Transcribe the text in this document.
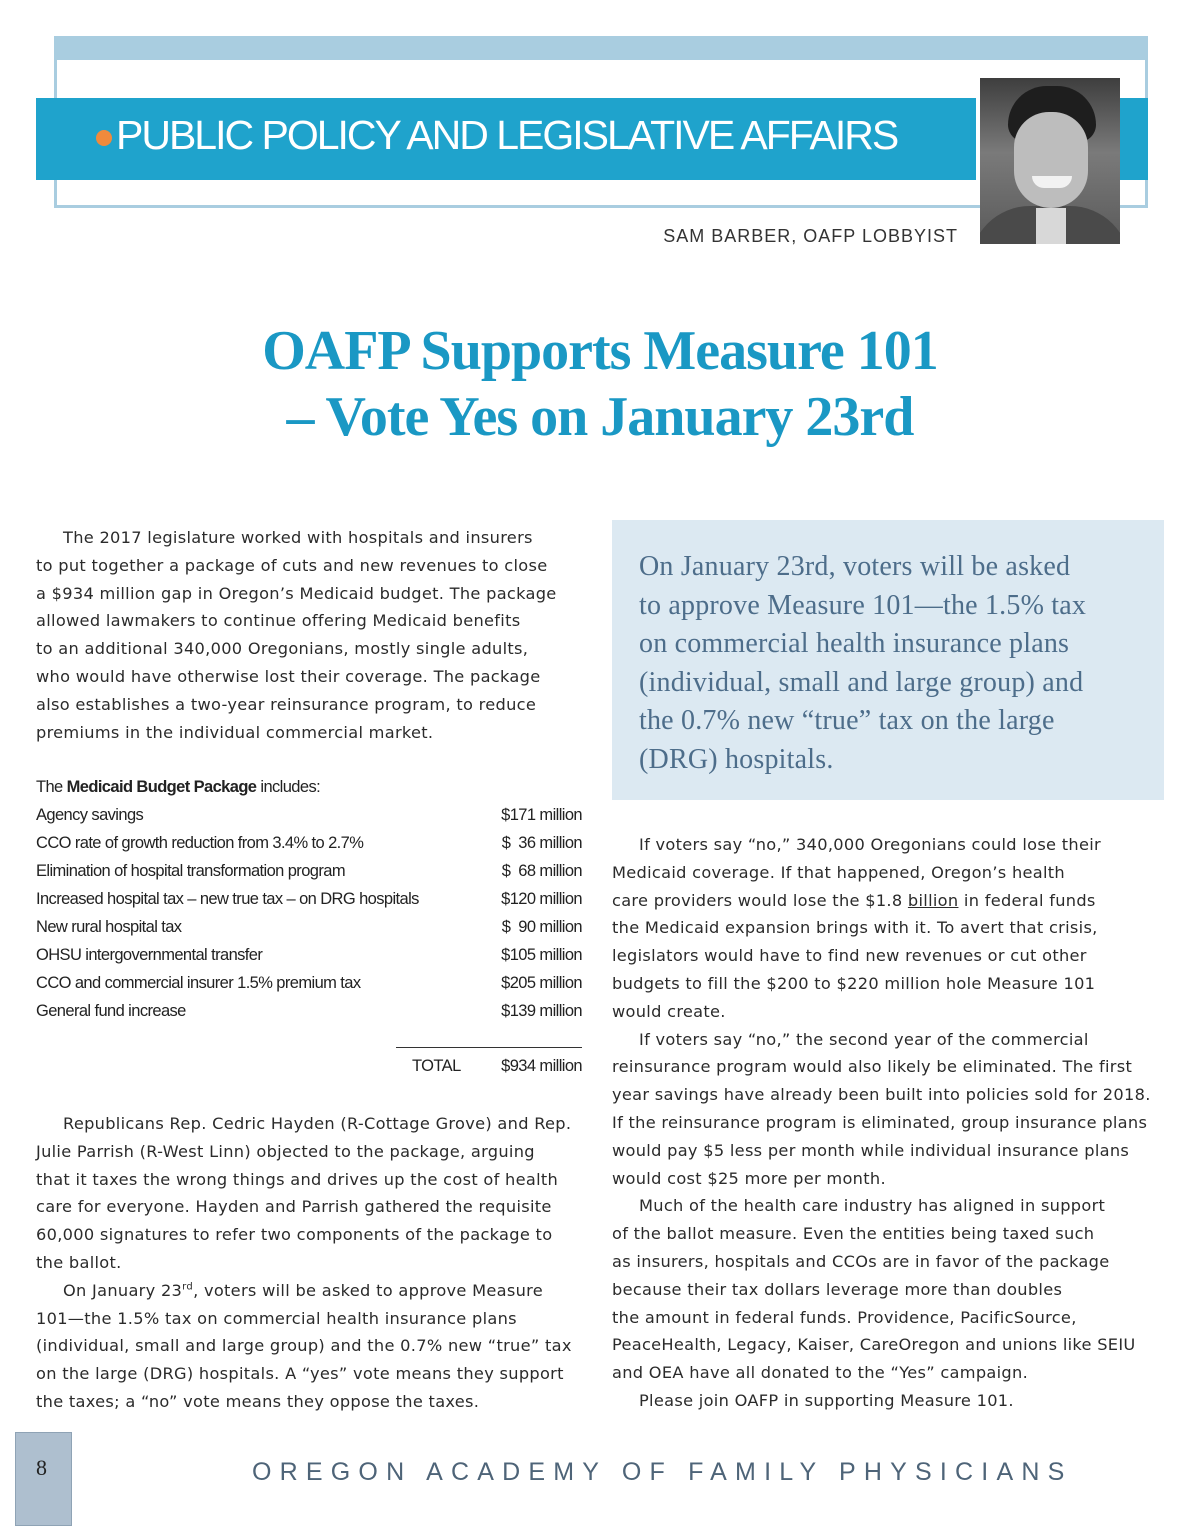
PUBLIC POLICY AND LEGISLATIVE AFFAIRS
SAM BARBER, OAFP LOBBYIST
OAFP Supports Measure 101
– Vote Yes on January 23rd
The 2017 legislature worked with hospitals and insurers
to put together a package of cuts and new revenues to close
a $934 million gap in Oregon’s Medicaid budget. The package
allowed lawmakers to continue offering Medicaid benefits
to an additional 340,000 Oregonians, mostly single adults,
who would have otherwise lost their coverage. The package
also establishes a two-year reinsurance program, to reduce
premiums in the individual commercial market.
The Medicaid Budget Package includes:
Agency savings	$171 million
CCO rate of growth reduction from 3.4% to 2.7%	$  36 million
Elimination of hospital transformation program	$  68 million
Increased hospital tax – new true tax – on DRG hospitals	$120 million
New rural hospital tax	$  90 million
OHSU intergovernmental transfer	$105 million
CCO and commercial insurer 1.5% premium tax	$205 million
General fund increase	$139 million
TOTAL $934 million
Republicans Rep. Cedric Hayden (R-Cottage Grove) and Rep.
Julie Parrish (R-West Linn) objected to the package, arguing
that it taxes the wrong things and drives up the cost of health
care for everyone. Hayden and Parrish gathered the requisite
60,000 signatures to refer two components of the package to
the ballot.
On January 23rd, voters will be asked to approve Measure
101—the 1.5% tax on commercial health insurance plans
(individual, small and large group) and the 0.7% new “true” tax
on the large (DRG) hospitals. A “yes” vote means they support
the taxes; a “no” vote means they oppose the taxes.
On January 23rd, voters will be asked
to approve Measure 101—the 1.5% tax
on commercial health insurance plans
(individual, small and large group) and
the 0.7% new “true” tax on the large
(DRG) hospitals.
If voters say “no,” 340,000 Oregonians could lose their
Medicaid coverage. If that happened, Oregon’s health
care providers would lose the $1.8 billion in federal funds
the Medicaid expansion brings with it. To avert that crisis,
legislators would have to find new revenues or cut other
budgets to fill the $200 to $220 million hole Measure 101
would create.
If voters say “no,” the second year of the commercial
reinsurance program would also likely be eliminated. The first
year savings have already been built into policies sold for 2018.
If the reinsurance program is eliminated, group insurance plans
would pay $5 less per month while individual insurance plans
would cost $25 more per month.
Much of the health care industry has aligned in support
of the ballot measure. Even the entities being taxed such
as insurers, hospitals and CCOs are in favor of the package
because their tax dollars leverage more than doubles
the amount in federal funds. Providence, PacificSource,
PeaceHealth, Legacy, Kaiser, CareOregon and unions like SEIU
and OEA have all donated to the “Yes” campaign.
Please join OAFP in supporting Measure 101.
8	OREGON ACADEMY OF FAMILY PHYSICIANS
